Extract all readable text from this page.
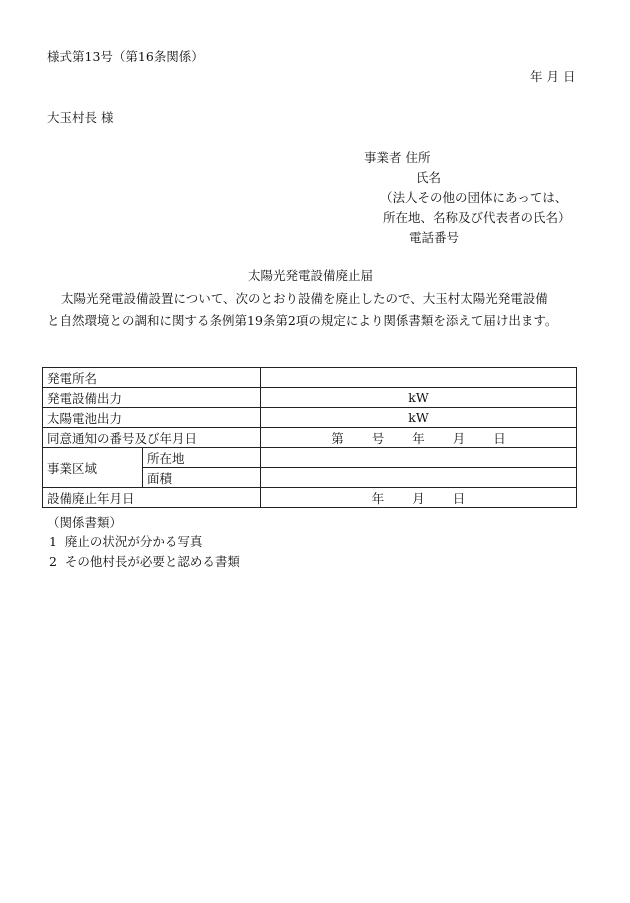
様式第13号（第16条関係）
年 月 日
大玉村長 様
事業者 住所
氏名
（法人その他の団体にあっては、
所在地、名称及び代表者の氏名）
電話番号
太陽光発電設備廃止届
太陽光発電設備設置について、次のとおり設備を廃止したので、大玉村太陽光発電設備
と自然環境との調和に関する条例第19条第2項の規定により関係書類を添えて届け出ます。
発電所名		
発電設備出力		kW
太陽電池出力		kW
同意通知の番号及び年月日		第 号 年 月 日
事業区域	所在地	
	面積	
設備廃止年月日		年 月 日
（関係書類）
1 廃止の状況が分かる写真
2 その他村長が必要と認める書類
